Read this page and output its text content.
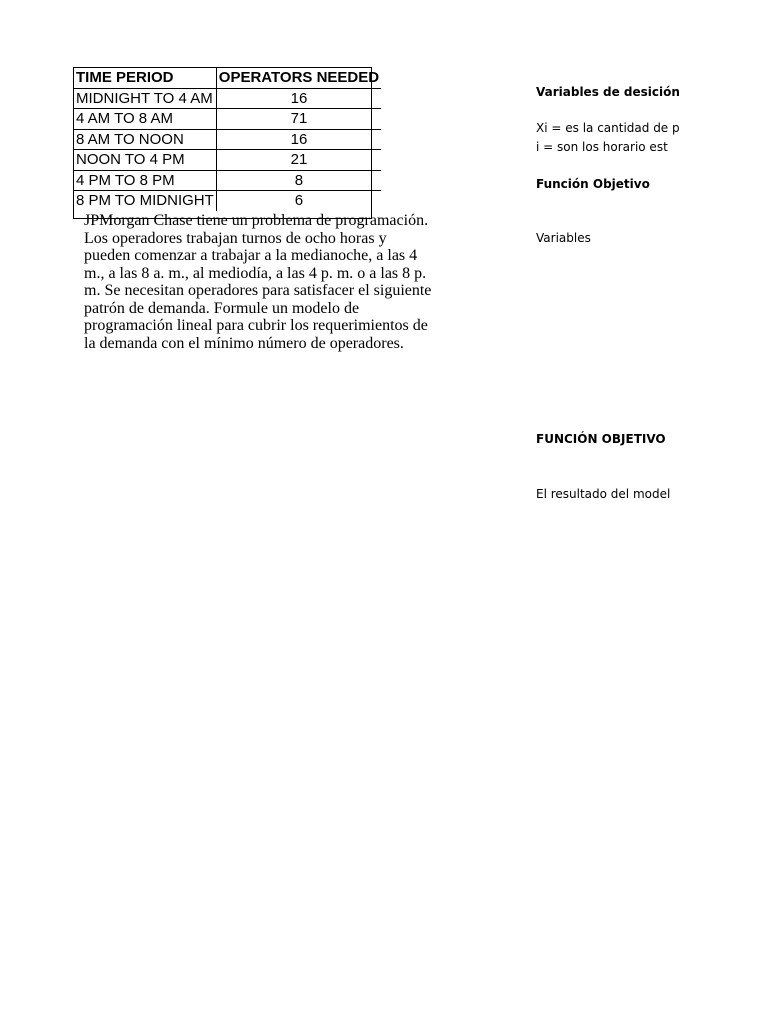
TIME PERIOD	OPERATORS NEEDED
MIDNIGHT TO 4 AM	16
4 AM TO 8 AM	71
8 AM TO NOON	16
NOON TO 4 PM	21
4 PM TO 8 PM	8
8 PM TO MIDNIGHT	6
JPMorgan Chase tiene un problema de programación. Los operadores trabajan turnos de ocho horas y pueden comenzar a trabajar a la medianoche, a las 4 m., a las 8 a. m., al mediodía, a las 4 p. m. o a las 8 p. m. Se necesitan operadores para satisfacer el siguiente patrón de demanda. Formule un modelo de programación lineal para cubrir los requerimientos de la demanda con el mínimo número de operadores.
Variables de desición
Xi = es la cantidad de p
i = son los horario est
Función Objetivo
Variables
FUNCIÓN OBJETIVO
El resultado del model
